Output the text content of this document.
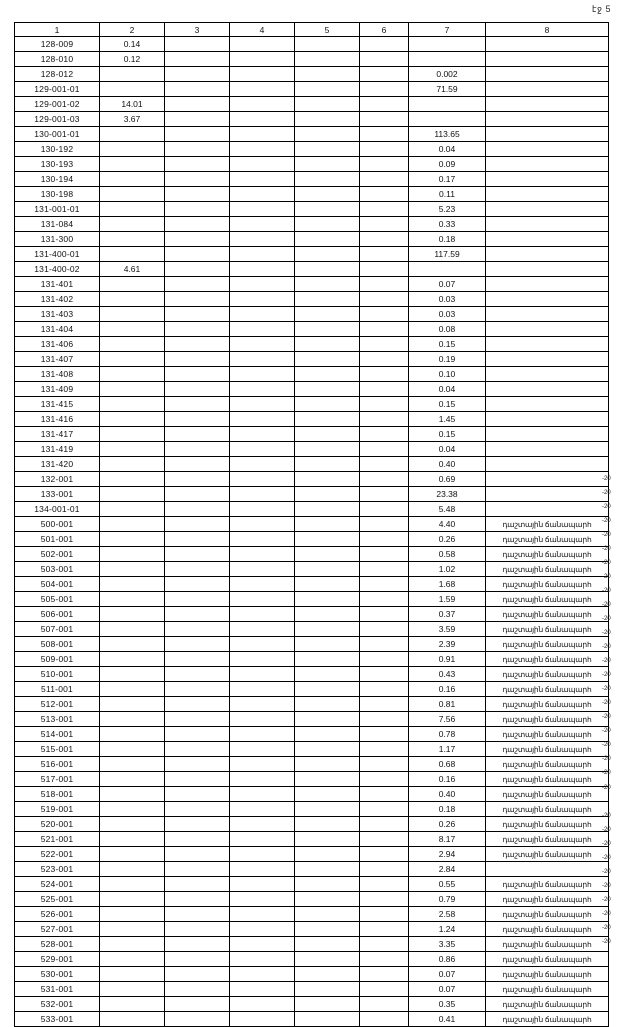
էջ 5
1	2	3	4	5	6	7	8
128-009	0.14						
128-010	0.12						
128-012						0.002	
129-001-01						71.59	
129-001-02	14.01						
129-001-03	3.67						
130-001-01						113.65	
130-192						0.04	
130-193						0.09	
130-194						0.17	
130-198						0.11	
131-001-01						5.23	
131-084						0.33	
131-300						0.18	
131-400-01						117.59	
131-400-02	4.61						
131-401						0.07	
131-402						0.03	
131-403						0.03	
131-404						0.08	
131-406						0.15	
131-407						0.19	
131-408						0.10	
131-409						0.04	
131-415						0.15	
131-416						1.45	
131-417						0.15	
131-419						0.04	
131-420						0.40	
132-001						0.69	
133-001						23.38	
134-001-01						5.48	
500-001						4.40	դաշտային ճանապարհ
501-001						0.26	դաշտային ճանապարհ
502-001						0.58	դաշտային ճանապարհ
503-001						1.02	դաշտային ճանապարհ
504-001						1.68	դաշտային ճանապարհ
505-001						1.59	դաշտային ճանապարհ
506-001						0.37	դաշտային ճանապարհ
507-001						3.59	դաշտային ճանապարհ
508-001						2.39	դաշտային ճանապարհ
509-001						0.91	դաշտային ճանապարհ
510-001						0.43	դաշտային ճանապարհ
511-001						0.16	դաշտային ճանապարհ
512-001						0.81	դաշտային ճանապարհ
513-001						7.56	դաշտային ճանապարհ
514-001						0.78	դաշտային ճանապարհ
515-001						1.17	դաշտային ճանապարհ
516-001						0.68	դաշտային ճանապարհ
517-001						0.16	դաշտային ճանապարհ
518-001						0.40	դաշտային ճանապարհ
519-001						0.18	դաշտային ճանապարհ
520-001						0.26	դաշտային ճանապարհ
521-001						8.17	դաշտային ճանապարհ
522-001						2.94	դաշտային ճանապարհ
523-001						2.84	
524-001						0.55	դաշտային ճանապարհ
525-001						0.79	դաշտային ճանապարհ
526-001						2.58	դաշտային ճանապարհ
527-001						1.24	դաշտային ճանապարհ
528-001						3.35	դաշտային ճանապարհ
529-001						0.86	դաշտային ճանապարհ
530-001						0.07	դաշտային ճանապարհ
531-001						0.07	դաշտային ճանապարհ
532-001						0.35	դաշտային ճանապարհ
533-001						0.41	դաշտային ճանապարհ
-20
-20
-20
-20
-20
-20
-20
-20
-20
-20
-20
-20
-20
-20
-20
-20
-20
-20
-20
-20
-20
-20
-20
-20
-20
-20
-20
-20
-20
-20
-20
-20
-20
